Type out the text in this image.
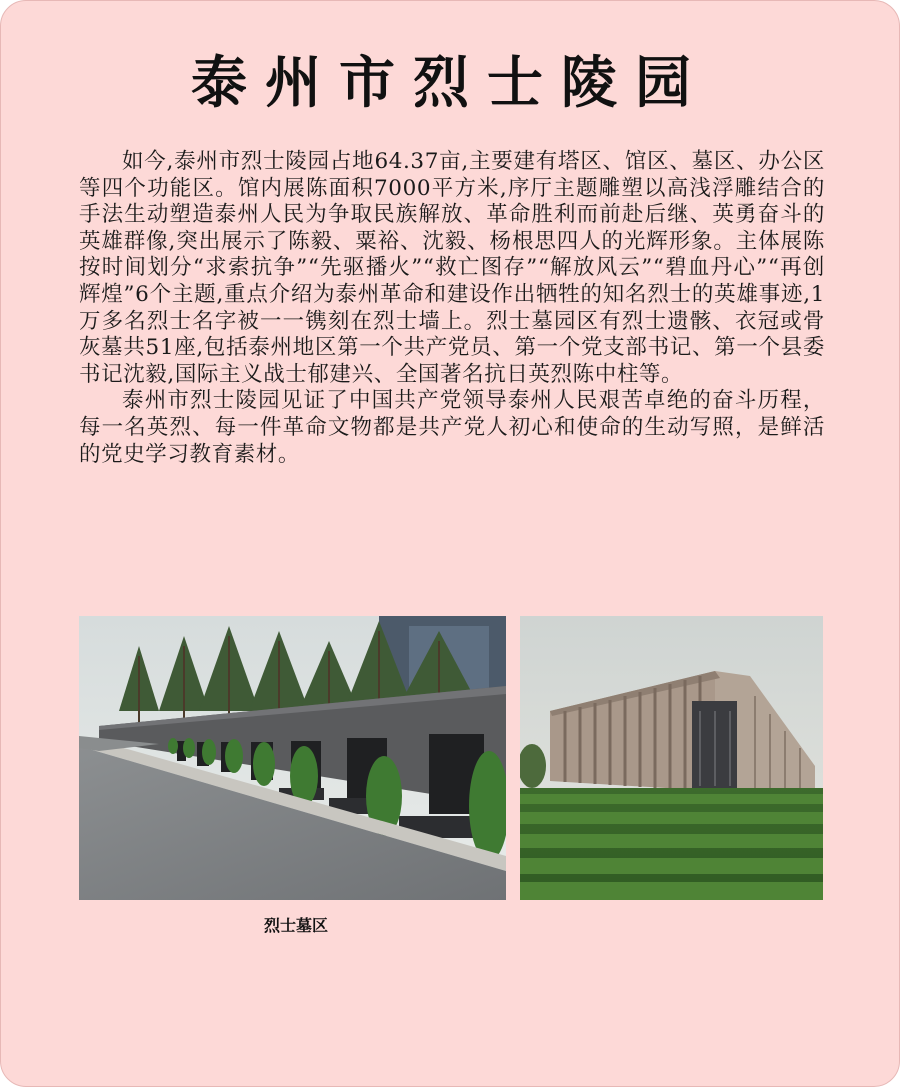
泰州市烈士陵园

如今,泰州市烈士陵园占地64.37亩,主要建有塔区、馆区、墓区、办公区等四个功能区。馆内展陈面积7000平方米,序厅主题雕塑以高浅浮雕结合的手法生动塑造泰州人民为争取民族解放、革命胜利而前赴后继、英勇奋斗的英雄群像,突出展示了陈毅、粟裕、沈毅、杨根思四人的光辉形象。主体展陈按时间划分“求索抗争”“先驱播火”“救亡图存”“解放风云”“碧血丹心”“再创辉煌”6个主题,重点介绍为泰州革命和建设作出牺牲的知名烈士的英雄事迹,1万多名烈士名字被一一镌刻在烈士墙上。烈士墓园区有烈士遗骸、衣冠或骨灰墓共51座,包括泰州地区第一个共产党员、第一个党支部书记、第一个县委书记沈毅,国际主义战士郁建兴、全国著名抗日英烈陈中柱等。

泰州市烈士陵园见证了中国共产党领导泰州人民艰苦卓绝的奋斗历程，每一名英烈、每一件革命文物都是共产党人初心和使命的生动写照，是鲜活的党史学习教育素材。

烈士墓区
